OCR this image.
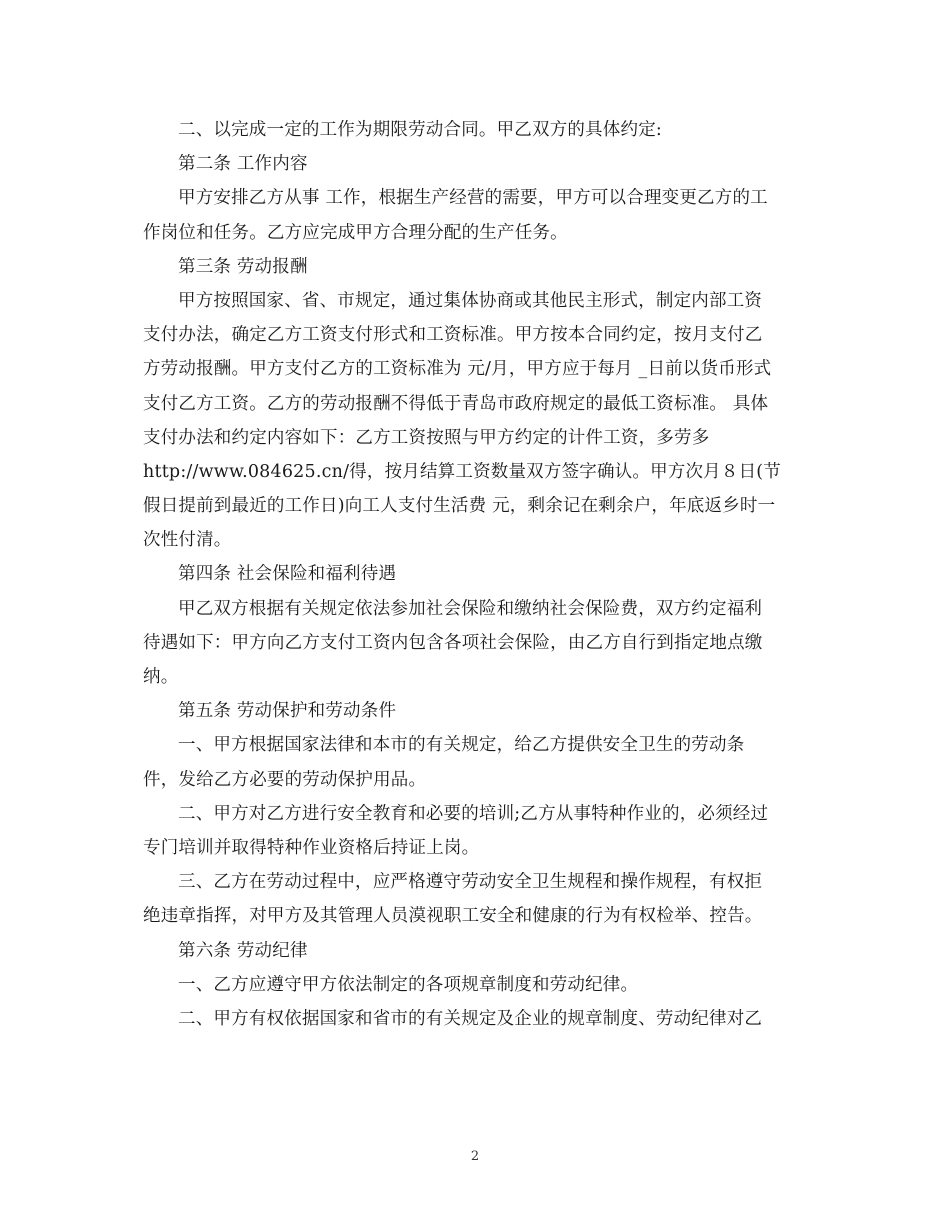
二、以完成一定的工作为期限劳动合同。甲乙双方的具体约定:
第二条 工作内容
甲方安排乙方从事 工作，根据生产经营的需要，甲方可以合理变更乙方的工
作岗位和任务。乙方应完成甲方合理分配的生产任务。
第三条 劳动报酬
甲方按照国家、省、市规定，通过集体协商或其他民主形式，制定内部工资
支付办法，确定乙方工资支付形式和工资标准。甲方按本合同约定，按月支付乙
方劳动报酬。甲方支付乙方的工资标准为 元/月，甲方应于每月 _日前以货币形式
支付乙方工资。乙方的劳动报酬不得低于青岛市政府规定的最低工资标准。 具体
支付办法和约定内容如下：乙方工资按照与甲方约定的计件工资，多劳多
http://www.084625.cn/得，按月结算工资数量双方签字确认。甲方次月８日(节
假日提前到最近的工作日)向工人支付生活费 元，剩余记在剩余户，年底返乡时一
次性付清。
第四条 社会保险和福利待遇
甲乙双方根据有关规定依法参加社会保险和缴纳社会保险费，双方约定福利
待遇如下：甲方向乙方支付工资内包含各项社会保险，由乙方自行到指定地点缴
纳。
第五条 劳动保护和劳动条件
一、甲方根据国家法律和本市的有关规定，给乙方提供安全卫生的劳动条
件，发给乙方必要的劳动保护用品。
二、甲方对乙方进行安全教育和必要的培训;乙方从事特种作业的，必须经过
专门培训并取得特种作业资格后持证上岗。
三、乙方在劳动过程中，应严格遵守劳动安全卫生规程和操作规程，有权拒
绝违章指挥，对甲方及其管理人员漠视职工安全和健康的行为有权检举、控告。
第六条 劳动纪律
一、乙方应遵守甲方依法制定的各项规章制度和劳动纪律。
二、甲方有权依据国家和省市的有关规定及企业的规章制度、劳动纪律对乙
2
